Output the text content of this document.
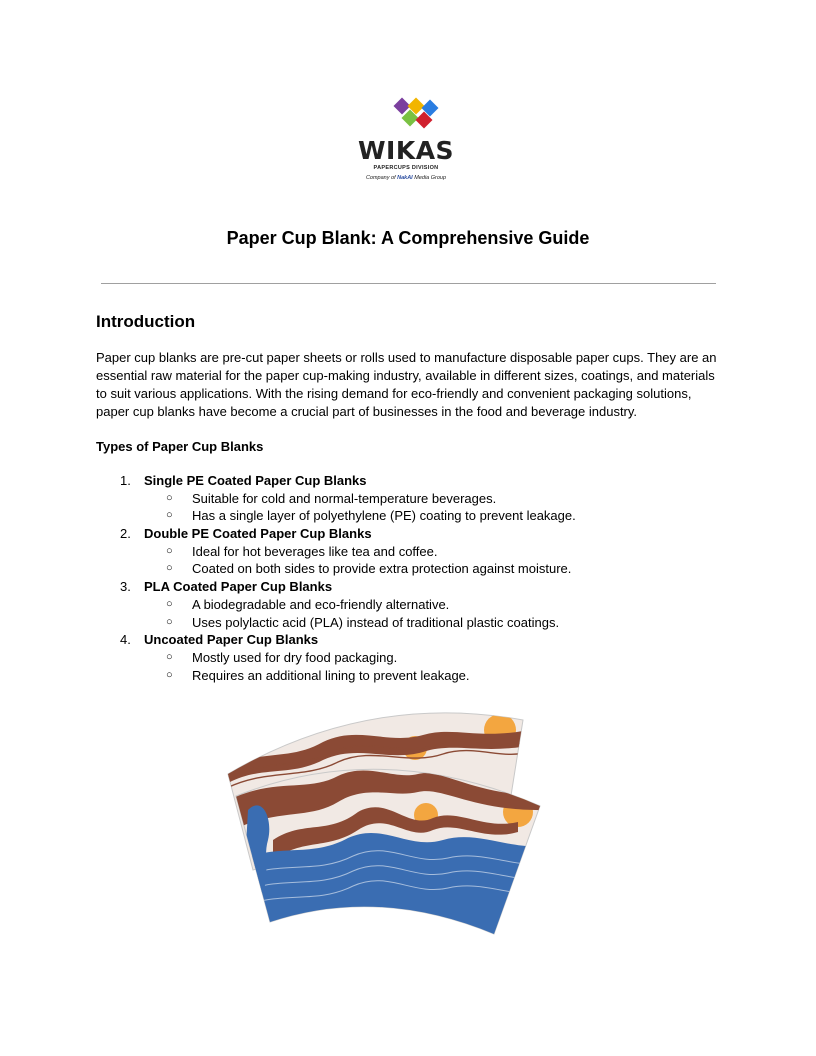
WIKAS
PAPERCUPS DIVISION
Company of NakAI Media Group
Paper Cup Blank: A Comprehensive Guide
Introduction

Paper cup blanks are pre-cut paper sheets or rolls used to manufacture disposable paper cups. They are an essential raw material for the paper cup-making industry, available in different sizes, coatings, and materials to suit various applications. With the rising demand for eco-friendly and convenient packaging solutions, paper cup blanks have become a crucial part of businesses in the food and beverage industry.

Types of Paper Cup Blanks
1. Single PE Coated Paper Cup Blanks
○ Suitable for cold and normal-temperature beverages.
○ Has a single layer of polyethylene (PE) coating to prevent leakage.
2. Double PE Coated Paper Cup Blanks
○ Ideal for hot beverages like tea and coffee.
○ Coated on both sides to provide extra protection against moisture.
3. PLA Coated Paper Cup Blanks
○ A biodegradable and eco-friendly alternative.
○ Uses polylactic acid (PLA) instead of traditional plastic coatings.
4. Uncoated Paper Cup Blanks
○ Mostly used for dry food packaging.
○ Requires an additional lining to prevent leakage.
